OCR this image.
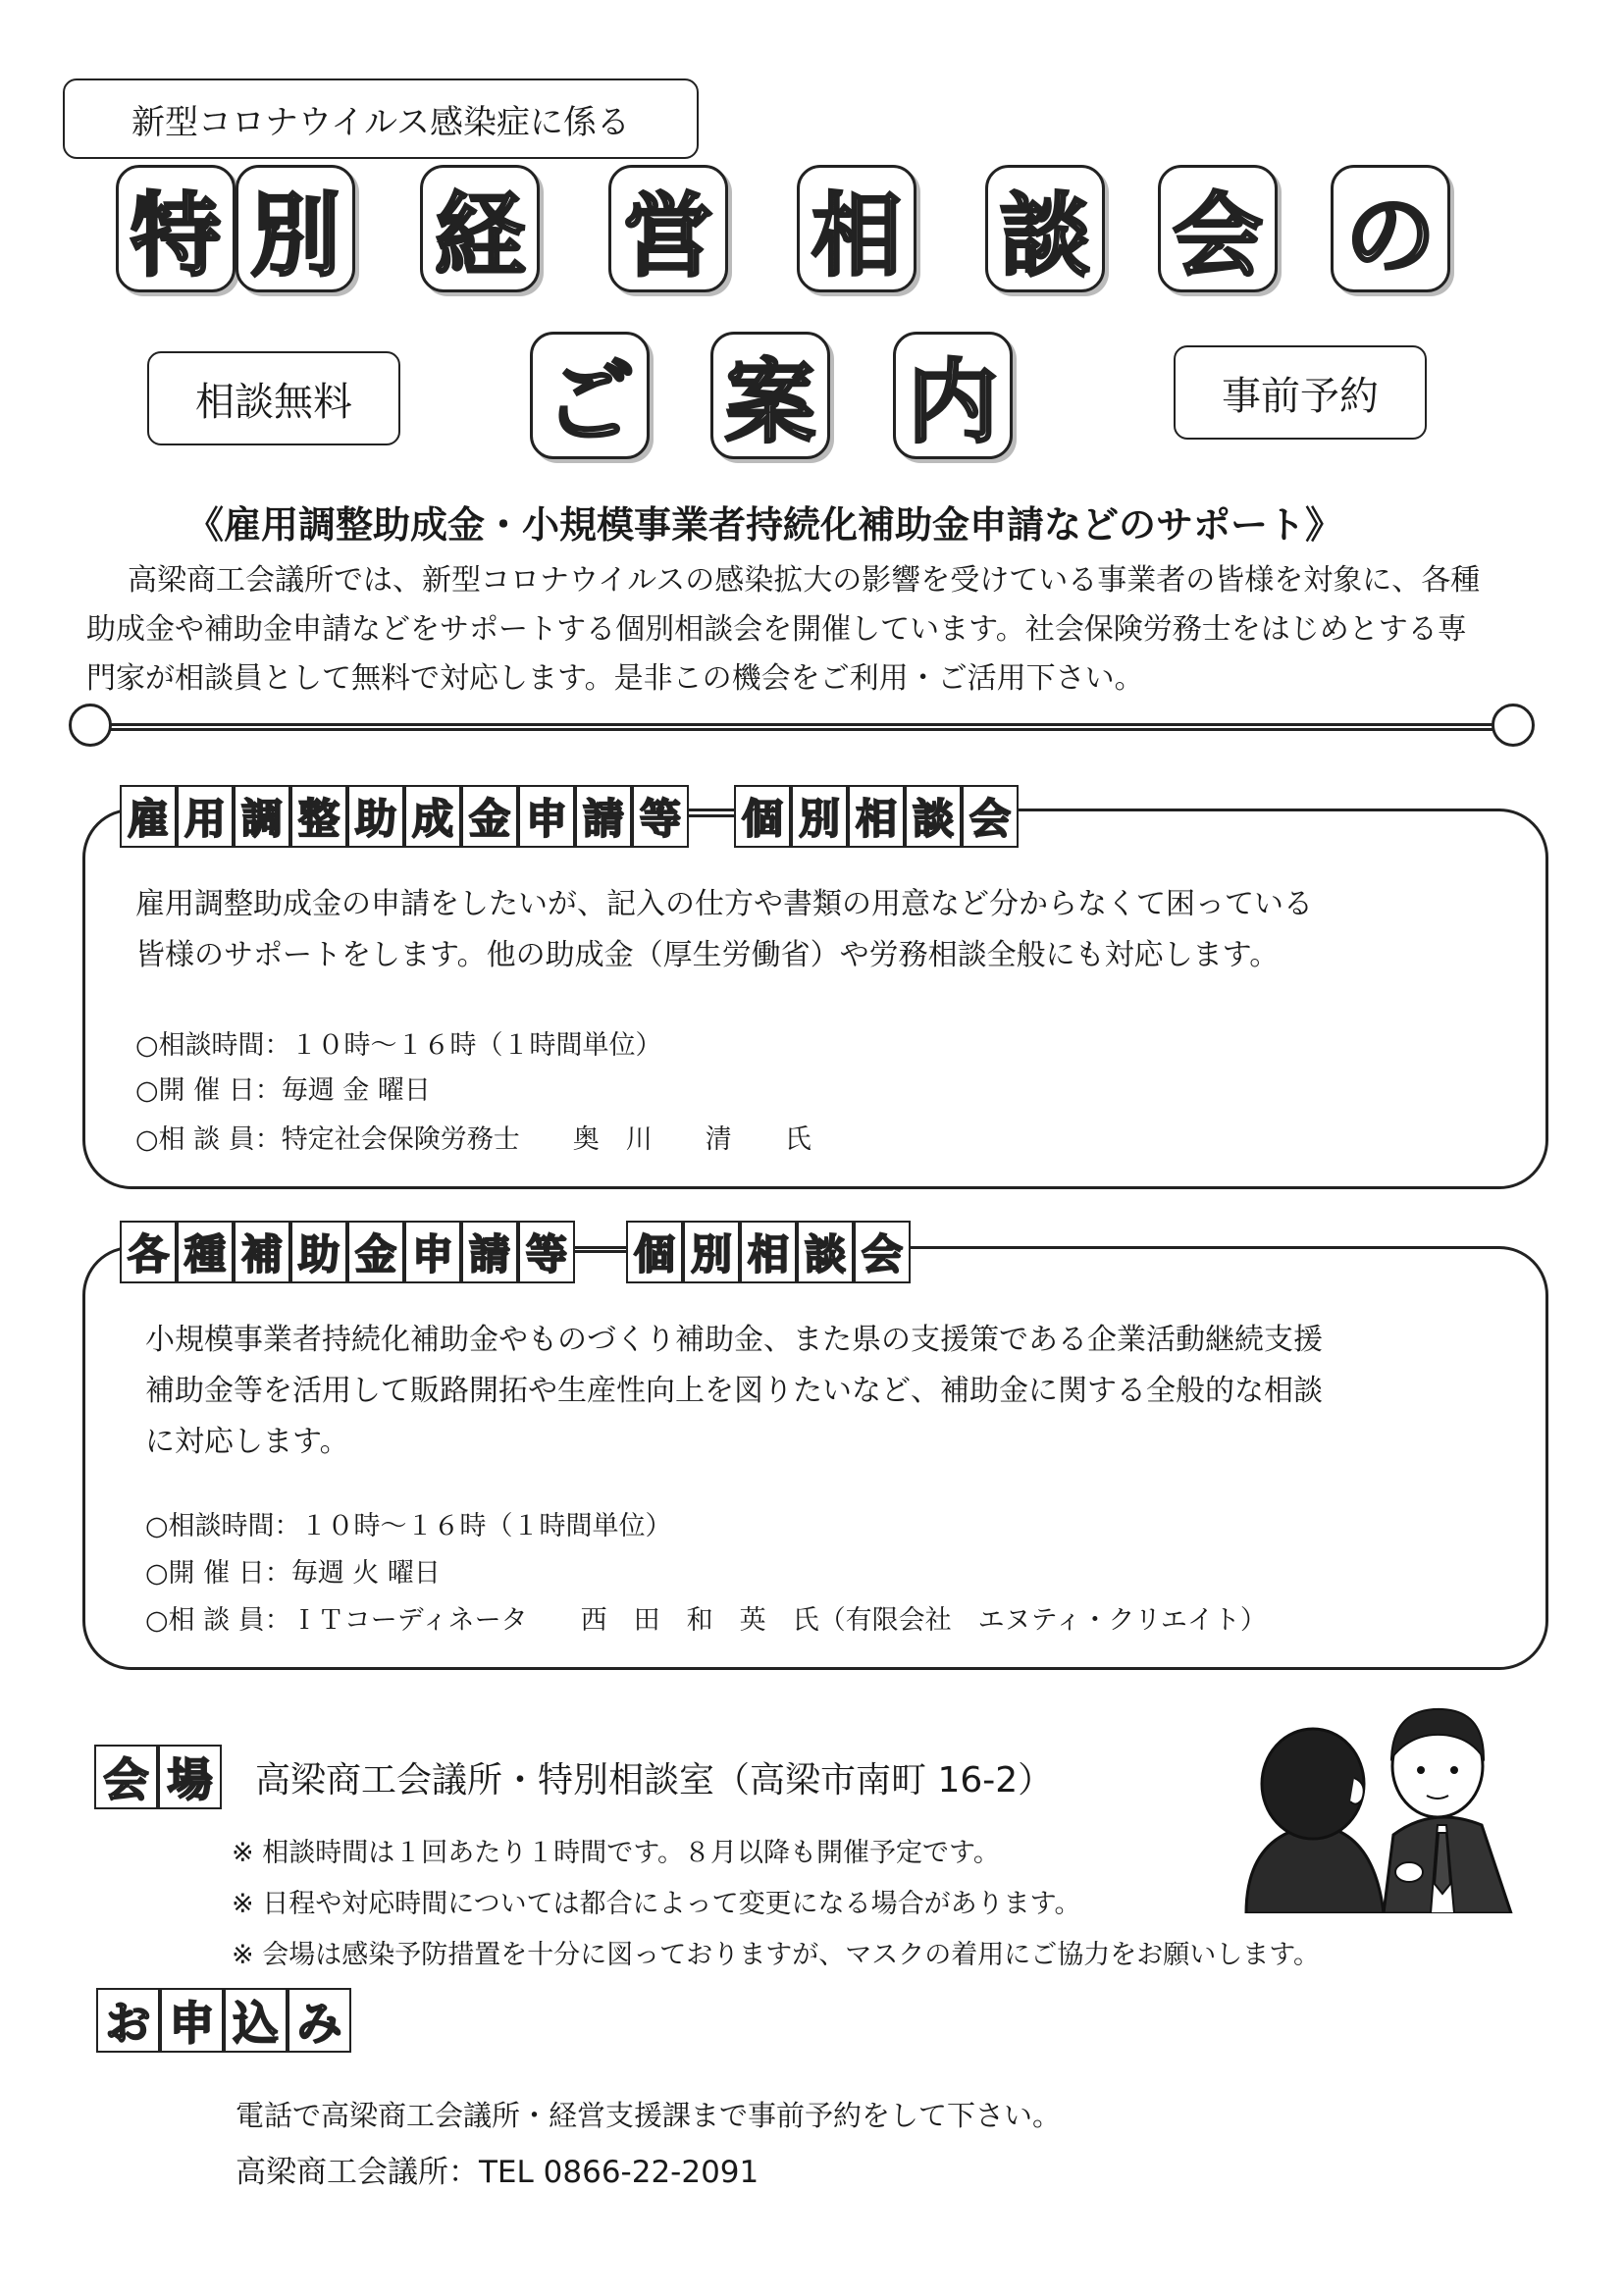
新型コロナウイルス感染症に係る
特 別 経 営 相 談 会 の
相談無料 ご 案 内	事前予約
《雇用調整助成金・小規模事業者持続化補助金申請などのサポート》
高梁商工会議所では、新型コロナウイルスの感染拡大の影響を受けている事業者の皆様を対象に、各種
助成金や補助金申請などをサポートする個別相談会を開催しています。社会保険労務士をはじめとする専
門家が相談員として無料で対応します。是非この機会をご利用・ご活用下さい。
雇 用 調 整 助 成 金 申 請 等 個 別 相 談 会
雇用調整助成金の申請をしたいが、記入の仕方や書類の用意など分からなくて困っている
皆様のサポートをします。他の助成金（厚生労働省）や労務相談全般にも対応します。
○相談時間：１０時～１６時（１時間単位）
○開 催 日：毎週 金 曜日
○相 談 員：特定社会保険労務士　　奥　川　　清　　氏
各 種 補 助 金 申 請 等 個 別 相 談 会
小規模事業者持続化補助金やものづくり補助金、また県の支援策である企業活動継続支援
補助金等を活用して販路開拓や生産性向上を図りたいなど、補助金に関する全般的な相談
に対応します。
○相談時間：１０時～１６時（１時間単位）
○開 催 日：毎週 火 曜日
○相 談 員：ＩＴコーディネータ　　西　田　和　英　氏（有限会社　エヌティ・クリエイト）
会 場 高梁商工会議所・特別相談室（高梁市南町 16-2）
※ 相談時間は１回あたり１時間です。８月以降も開催予定です。
※ 日程や対応時間については都合によって変更になる場合があります。
※ 会場は感染予防措置を十分に図っておりますが、マスクの着用にご協力をお願いします。
お 申 込 み
電話で高梁商工会議所・経営支援課まで事前予約をして下さい。
高梁商工会議所：TEL 0866-22-2091
